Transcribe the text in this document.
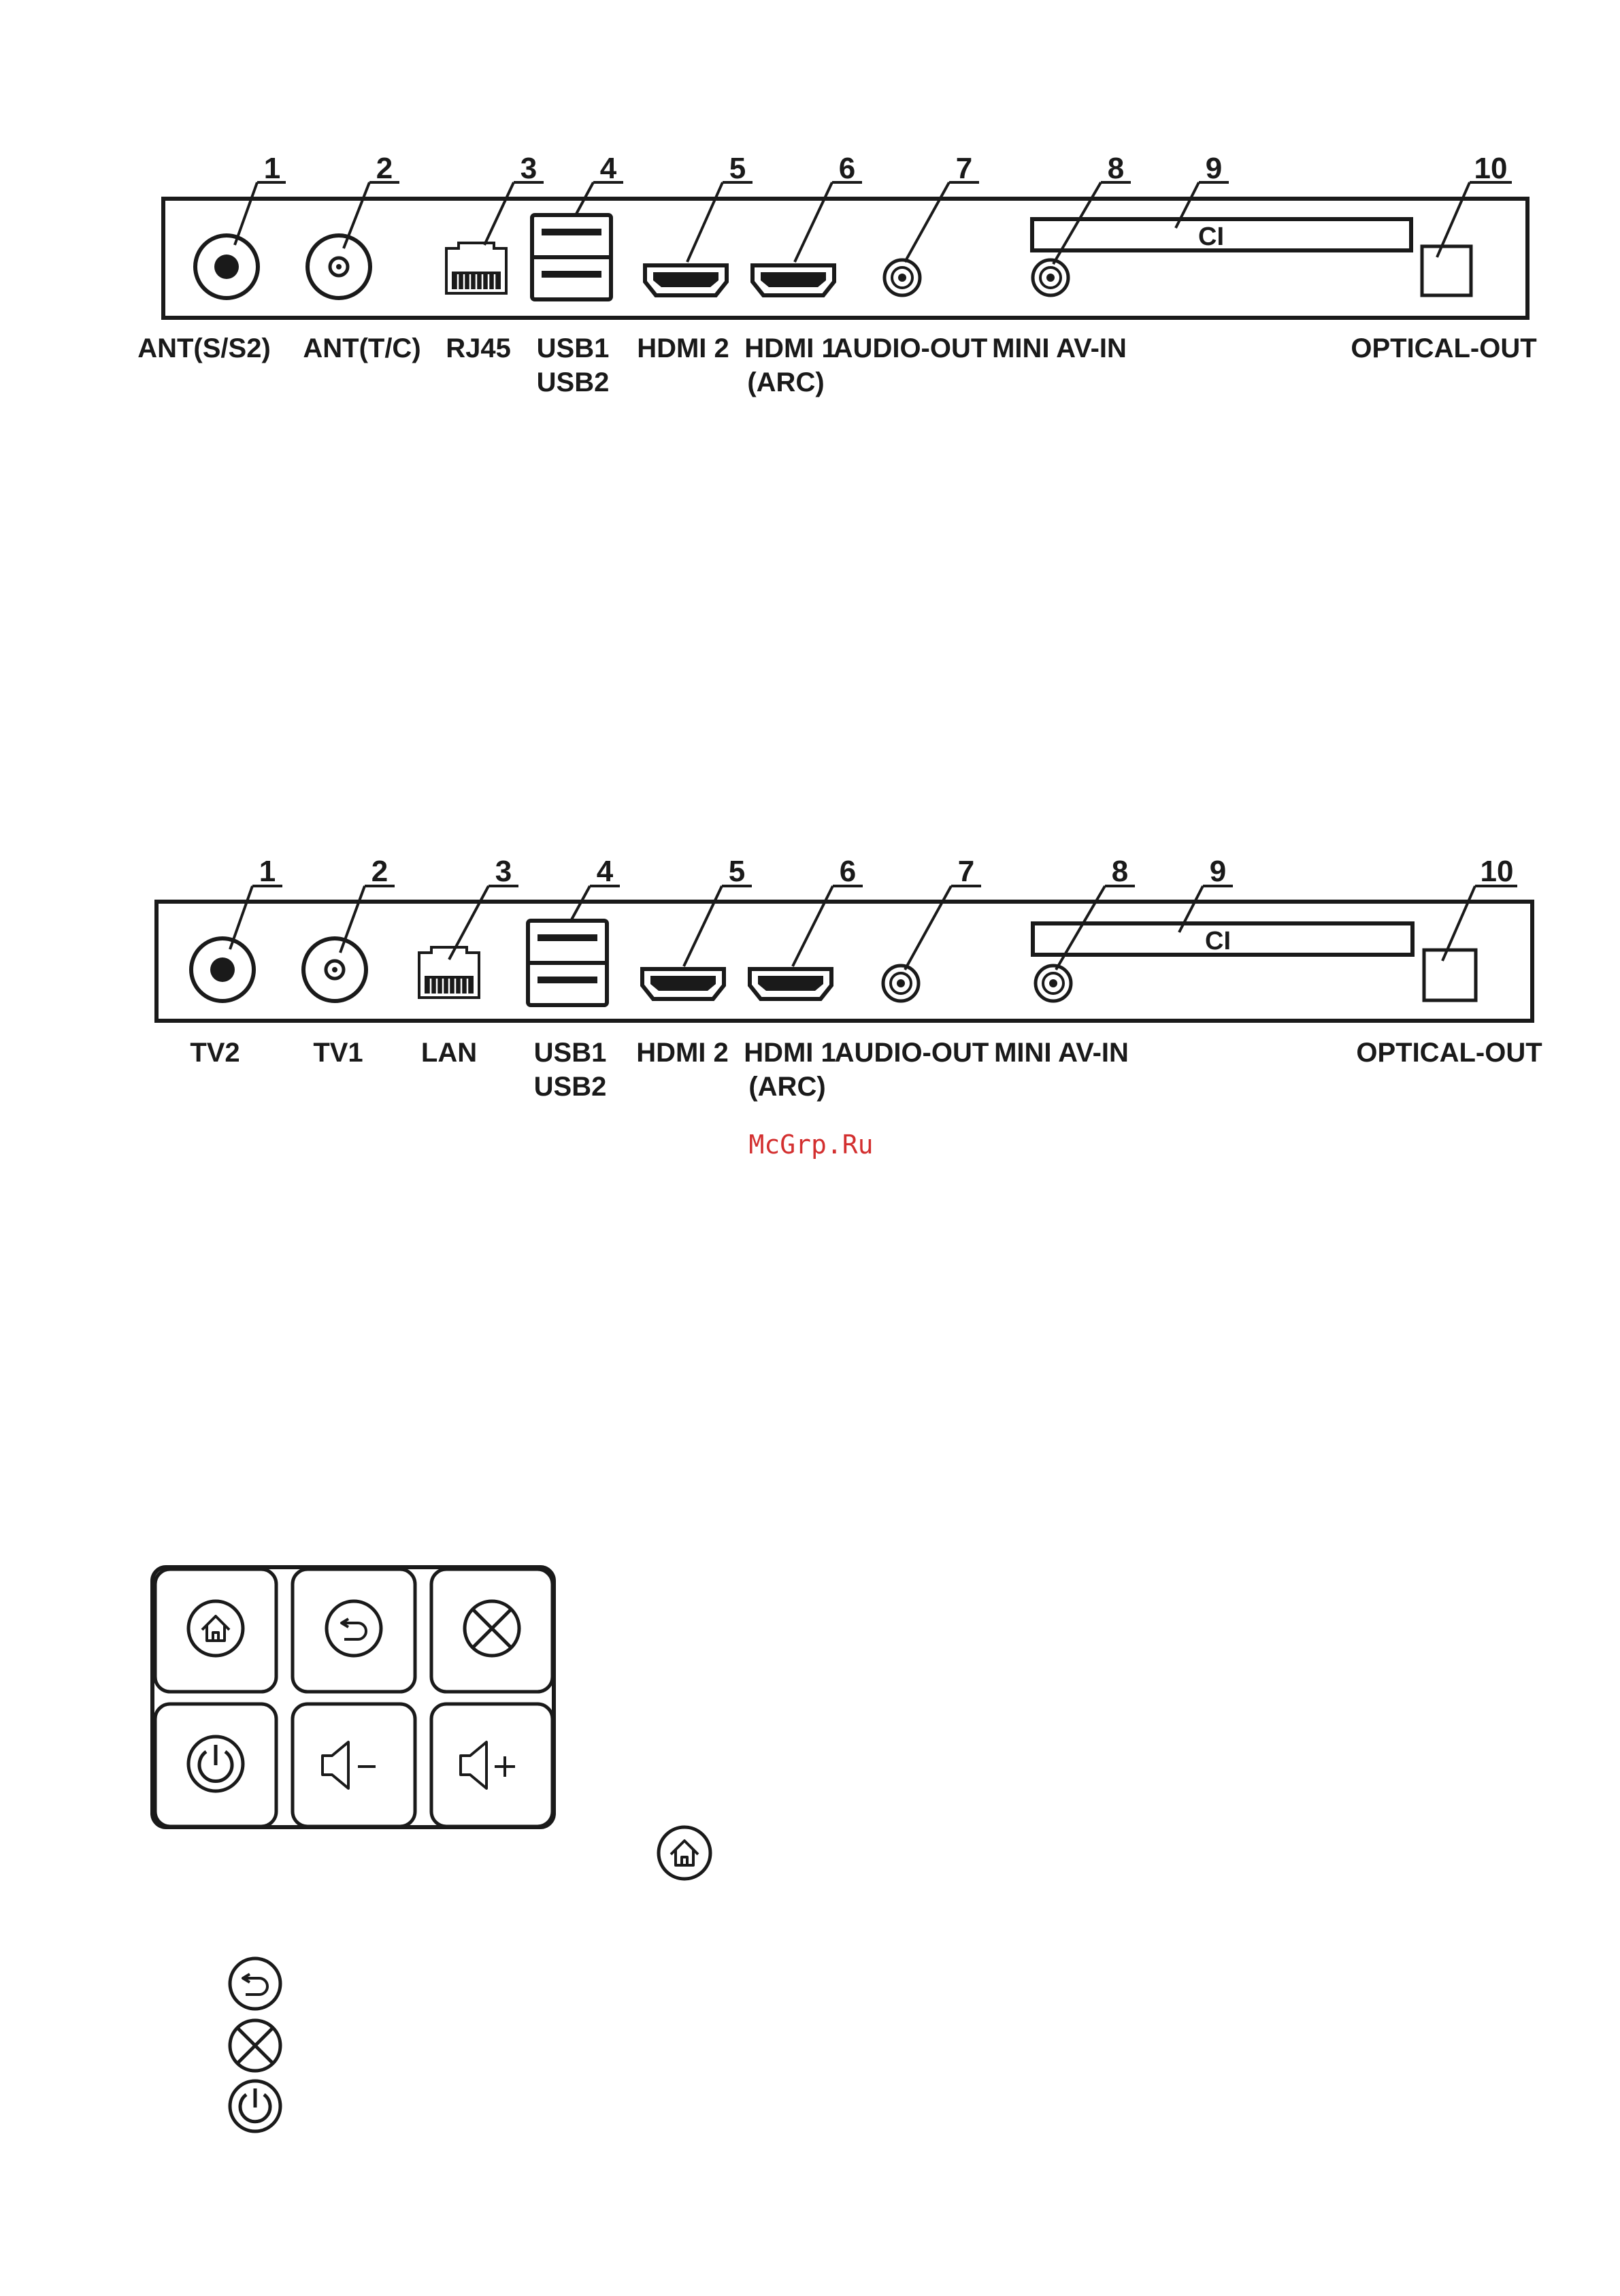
1	2	3 4	5	6	7	8	9	10
CI
ANT(S/S2) ANT(T/C) RJ45 USB1
USB2
HDMI 2 HDMI 1
(ARC)
AUDIO-OUT MINI AV-IN	OPTICAL-OUT
1	2	3	4	5	6	7	8	9	10
CI
TV2	TV1 LAN USB1
USB2
HDMI 2 HDMI 1
(ARC)
AUDIO-OUT MINI AV-IN	OPTICAL-OUT
McGrp.Ru
